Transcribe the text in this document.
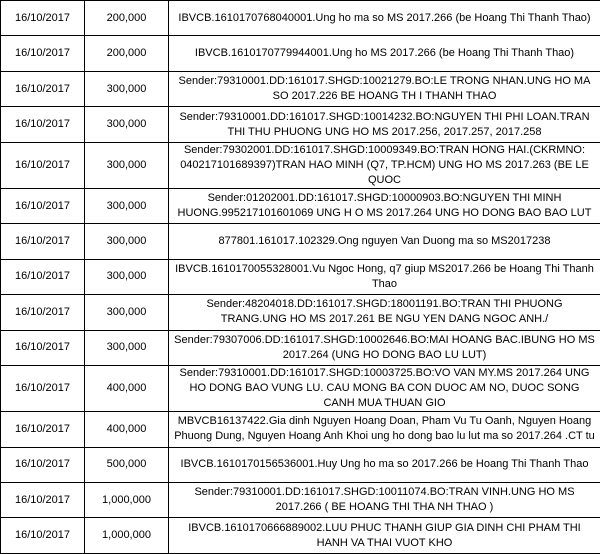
16/10/2017	200,000	IBVCB.1610170768040001.Ung ho ma so MS 2017.266 (be Hoang Thi Thanh Thao)
16/10/2017	200,000	IBVCB.1610170779944001.Ung ho MS 2017.266 (be Hoang Thi Thanh Thao)
16/10/2017	300,000	Sender:79310001.DD:161017.SHGD:10021279.BO:LE TRONG NHAN.UNG HO MA SO 2017.226 BE HOANG TH I THANH THAO
16/10/2017	300,000	Sender:79310001.DD:161017.SHGD:10014232.BO:NGUYEN THI PHI LOAN.TRAN THI THU PHUONG UNG HO MS 2017.256, 2017.257, 2017.258
16/10/2017	300,000	Sender:79302001.DD:161017.SHGD:10009349.BO:TRAN HONG HAI.(CKRMNO: 040217101689397)TRAN HAO MINH (Q7, TP.HCM) UNG HO MS 2017.263 (BE LE QUOC
16/10/2017	300,000	Sender:01202001.DD:161017.SHGD:10000903.BO:NGUYEN THI MINH HUONG.995217101601069 UNG H O MS 2017.264 UNG HO DONG BAO BAO LUT
16/10/2017	300,000	877801.161017.102329.Ong nguyen Van Duong ma so MS2017238
16/10/2017	300,000	IBVCB.1610170055328001.Vu Ngoc Hong, q7 giup MS2017.266 be Hoang Thi Thanh Thao
16/10/2017	300,000	Sender:48204018.DD:161017.SHGD:18001191.BO:TRAN THI PHUONG TRANG.UNG HO MS 2017.261 BE NGU YEN DANG NGOC ANH./
16/10/2017	300,000	Sender:79307006.DD:161017.SHGD:10002646.BO:MAI HOANG BAC.IBUNG HO MS 2017.264 (UNG HO DONG BAO LU LUT)
16/10/2017	400,000	Sender:79310001.DD:161017.SHGD:10003725.BO:VO VAN MY.MS 2017.264 UNG HO DONG BAO VUNG LU. CAU MONG BA CON DUOC AM NO, DUOC SONG CANH MUA THUAN GIO
16/10/2017	400,000	MBVCB16137422.Gia dinh Nguyen Hoang Doan, Pham Vu Tu Oanh, Nguyen Hoang Phuong Dung, Nguyen Hoang Anh Khoi ung ho dong bao lu lut ma so 2017.264 .CT tu
16/10/2017	500,000	IBVCB.1610170156536001.Huy Ung ho ma so 2017.266 be Hoang Thi Thanh Thao
16/10/2017	1,000,000	Sender:79310001.DD:161017.SHGD:10011074.BO:TRAN VINH.UNG HO MS 2017.266 ( BE HOANG THI THA NH THAO )
16/10/2017	1,000,000	IBVCB.1610170666889002.LUU PHUC THANH GIUP GIA DINH CHI PHAM THI HANH VA THAI VUOT KHO
